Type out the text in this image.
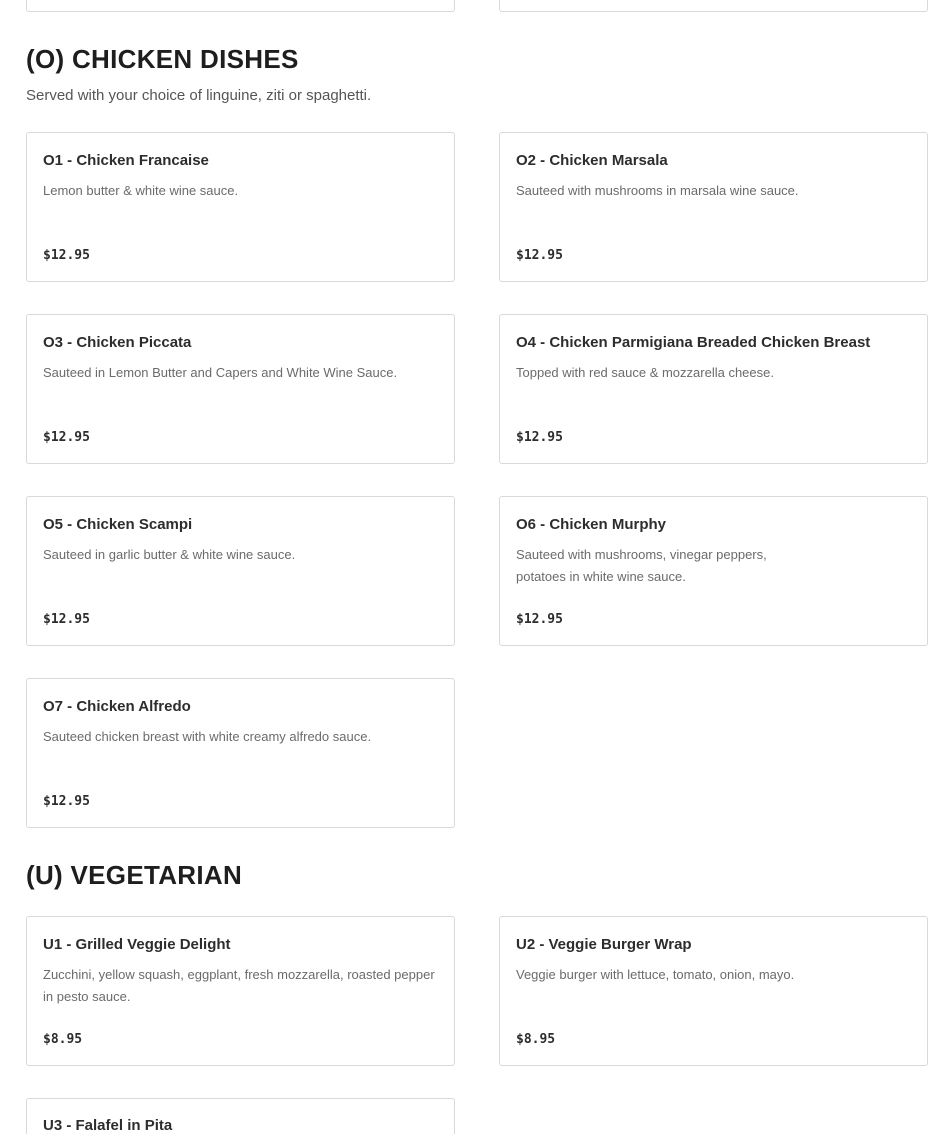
(O) CHICKEN DISHES

Served with your choice of linguine, ziti or spaghetti.

O1 - Chicken Francaise
Lemon butter & white wine sauce.
$12.95
O2 - Chicken Marsala
Sauteed with mushrooms in marsala wine sauce.
$12.95
O3 - Chicken Piccata
Sauteed in Lemon Butter and Capers and White Wine Sauce.
$12.95
O4 - Chicken Parmigiana Breaded Chicken Breast
Topped with red sauce & mozzarella cheese.
$12.95
O5 - Chicken Scampi
Sauteed in garlic butter & white wine sauce.
$12.95
O6 - Chicken Murphy
Sauteed with mushrooms, vinegar peppers, potatoes in white wine sauce.
$12.95
O7 - Chicken Alfredo
Sauteed chicken breast with white creamy alfredo sauce.
$12.95
(U) VEGETARIAN
U1 - Grilled Veggie Delight
Zucchini, yellow squash, eggplant, fresh mozzarella, roasted pepper in pesto sauce.
$8.95
U2 - Veggie Burger Wrap
Veggie burger with lettuce, tomato, onion, mayo.
$8.95
U3 - Falafel in Pita
